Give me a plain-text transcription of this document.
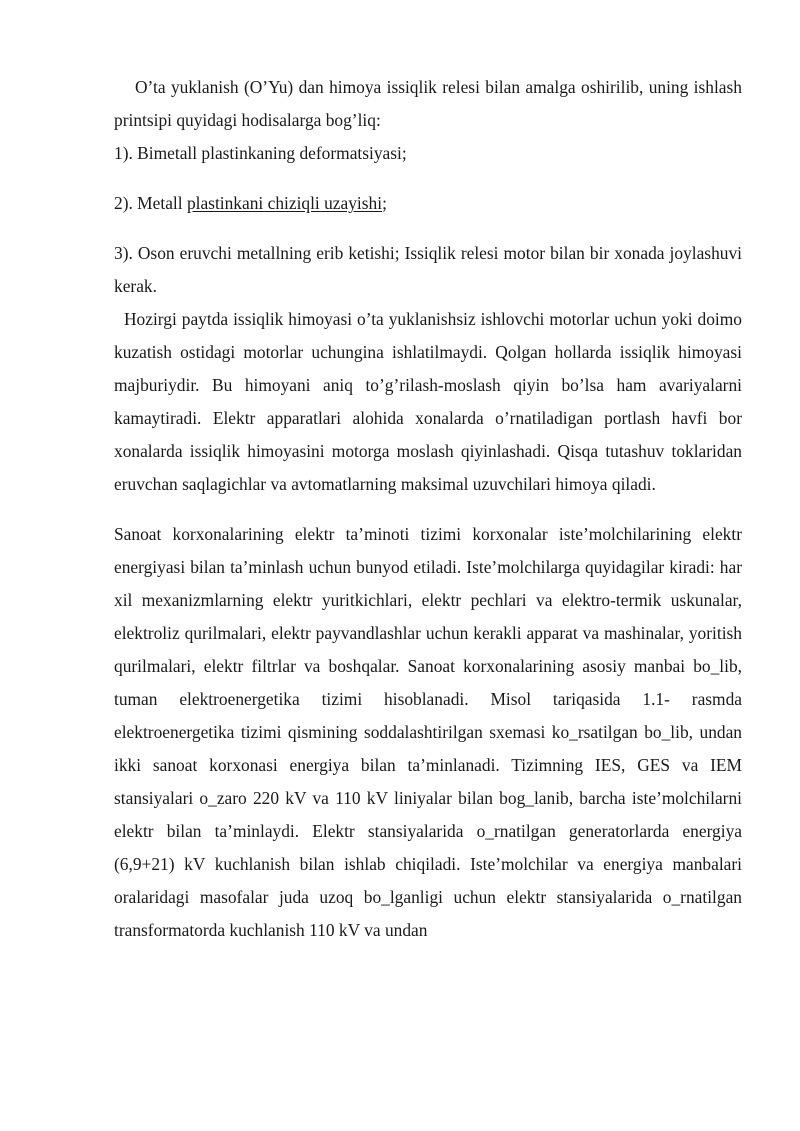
O’ta yuklanish (O’Yu) dan himoya issiqlik relesi bilan amalga oshirilib, uning ishlash printsipi quyidagi hodisalarga bog’liq:

1). Bimetall plastinkaning deformatsiyasi;

2). Metall plastinkani chiziqli uzayishi;

3). Oson eruvchi metallning erib ketishi; Issiqlik relesi motor bilan bir xonada joylashuvi kerak.

Hozirgi paytda issiqlik himoyasi o’ta yuklanishsiz ishlovchi motorlar uchun yoki doimo kuzatish ostidagi motorlar uchungina ishlatilmaydi. Qolgan hollarda issiqlik himoyasi majburiydir. Bu himoyani aniq to’g’rilash-moslash qiyin bo’lsa ham avariyalarni kamaytiradi. Elektr apparatlari alohida xonalarda o’rnatiladigan portlash havfi bor xonalarda issiqlik himoyasini motorga moslash qiyinlashadi. Qisqa tutashuv toklaridan eruvchan saqlagichlar va avtomatlarning maksimal uzuvchilari himoya qiladi.

Sanoat korxonalarining elektr ta’minoti tizimi korxonalar iste’molchilarining elektr energiyasi bilan ta’minlash uchun bunyod etiladi. Iste’molchilarga quyidagilar kiradi: har xil mexanizmlarning elektr yuritkichlari, elektr pechlari va elektro-termik uskunalar, elektroliz qurilmalari, elektr payvandlashlar uchun kerakli apparat va mashinalar, yoritish qurilmalari, elektr filtrlar va boshqalar. Sanoat korxonalarining asosiy manbai bo_lib, tuman elektroenergetika tizimi hisoblanadi. Misol tariqasida 1.1- rasmda elektroenergetika tizimi qismining soddalashtirilgan sxemasi ko_rsatilgan bo_lib, undan ikki sanoat korxonasi energiya bilan ta’minlanadi. Tizimning IES, GES va IEM stansiyalari o_zaro 220 kV va 110 kV liniyalar bilan bog_lanib, barcha iste’molchilarni elektr bilan ta’minlaydi. Elektr stansiyalarida o_rnatilgan generatorlarda energiya (6,9+21) kV kuchlanish bilan ishlab chiqiladi. Iste’molchilar va energiya manbalari oralaridagi masofalar juda uzoq bo_lganligi uchun elektr stansiyalarida o_rnatilgan transformatorda kuchlanish 110 kV va undan
